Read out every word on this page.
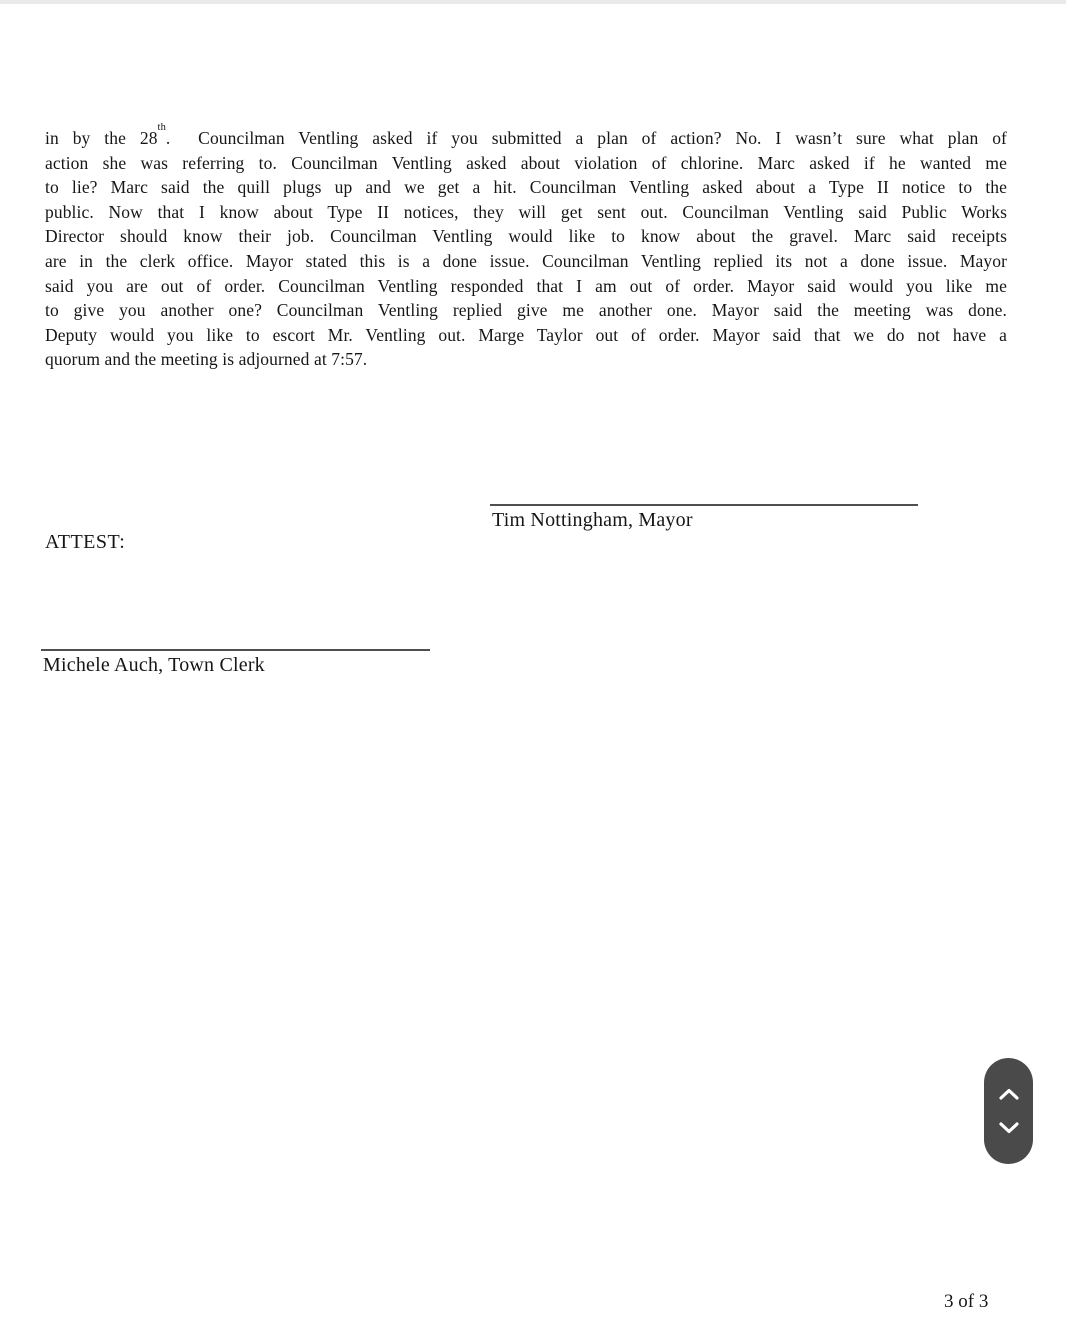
in by the 28th.  Councilman Ventling asked if you submitted a plan of action? No. I wasn’t sure what plan of
action she was referring to. Councilman Ventling asked about violation of chlorine. Marc asked if he wanted me
to lie? Marc said the quill plugs up and we get a hit. Councilman Ventling asked about a Type II notice to the
public. Now that I know about Type II notices, they will get sent out. Councilman Ventling said Public Works
Director should know their job. Councilman Ventling would like to know about the gravel. Marc said receipts
are in the clerk office. Mayor stated this is a done issue. Councilman Ventling replied its not a done issue. Mayor
said you are out of order. Councilman Ventling responded that I am out of order. Mayor said would you like me
to give you another one? Councilman Ventling replied give me another one. Mayor said the meeting was done.
Deputy would you like to escort Mr. Ventling out. Marge Taylor out of order. Mayor said that we do not have a
quorum and the meeting is adjourned at 7:57.
Tim Nottingham, Mayor
ATTEST:
Michele Auch, Town Clerk
3 of 3
